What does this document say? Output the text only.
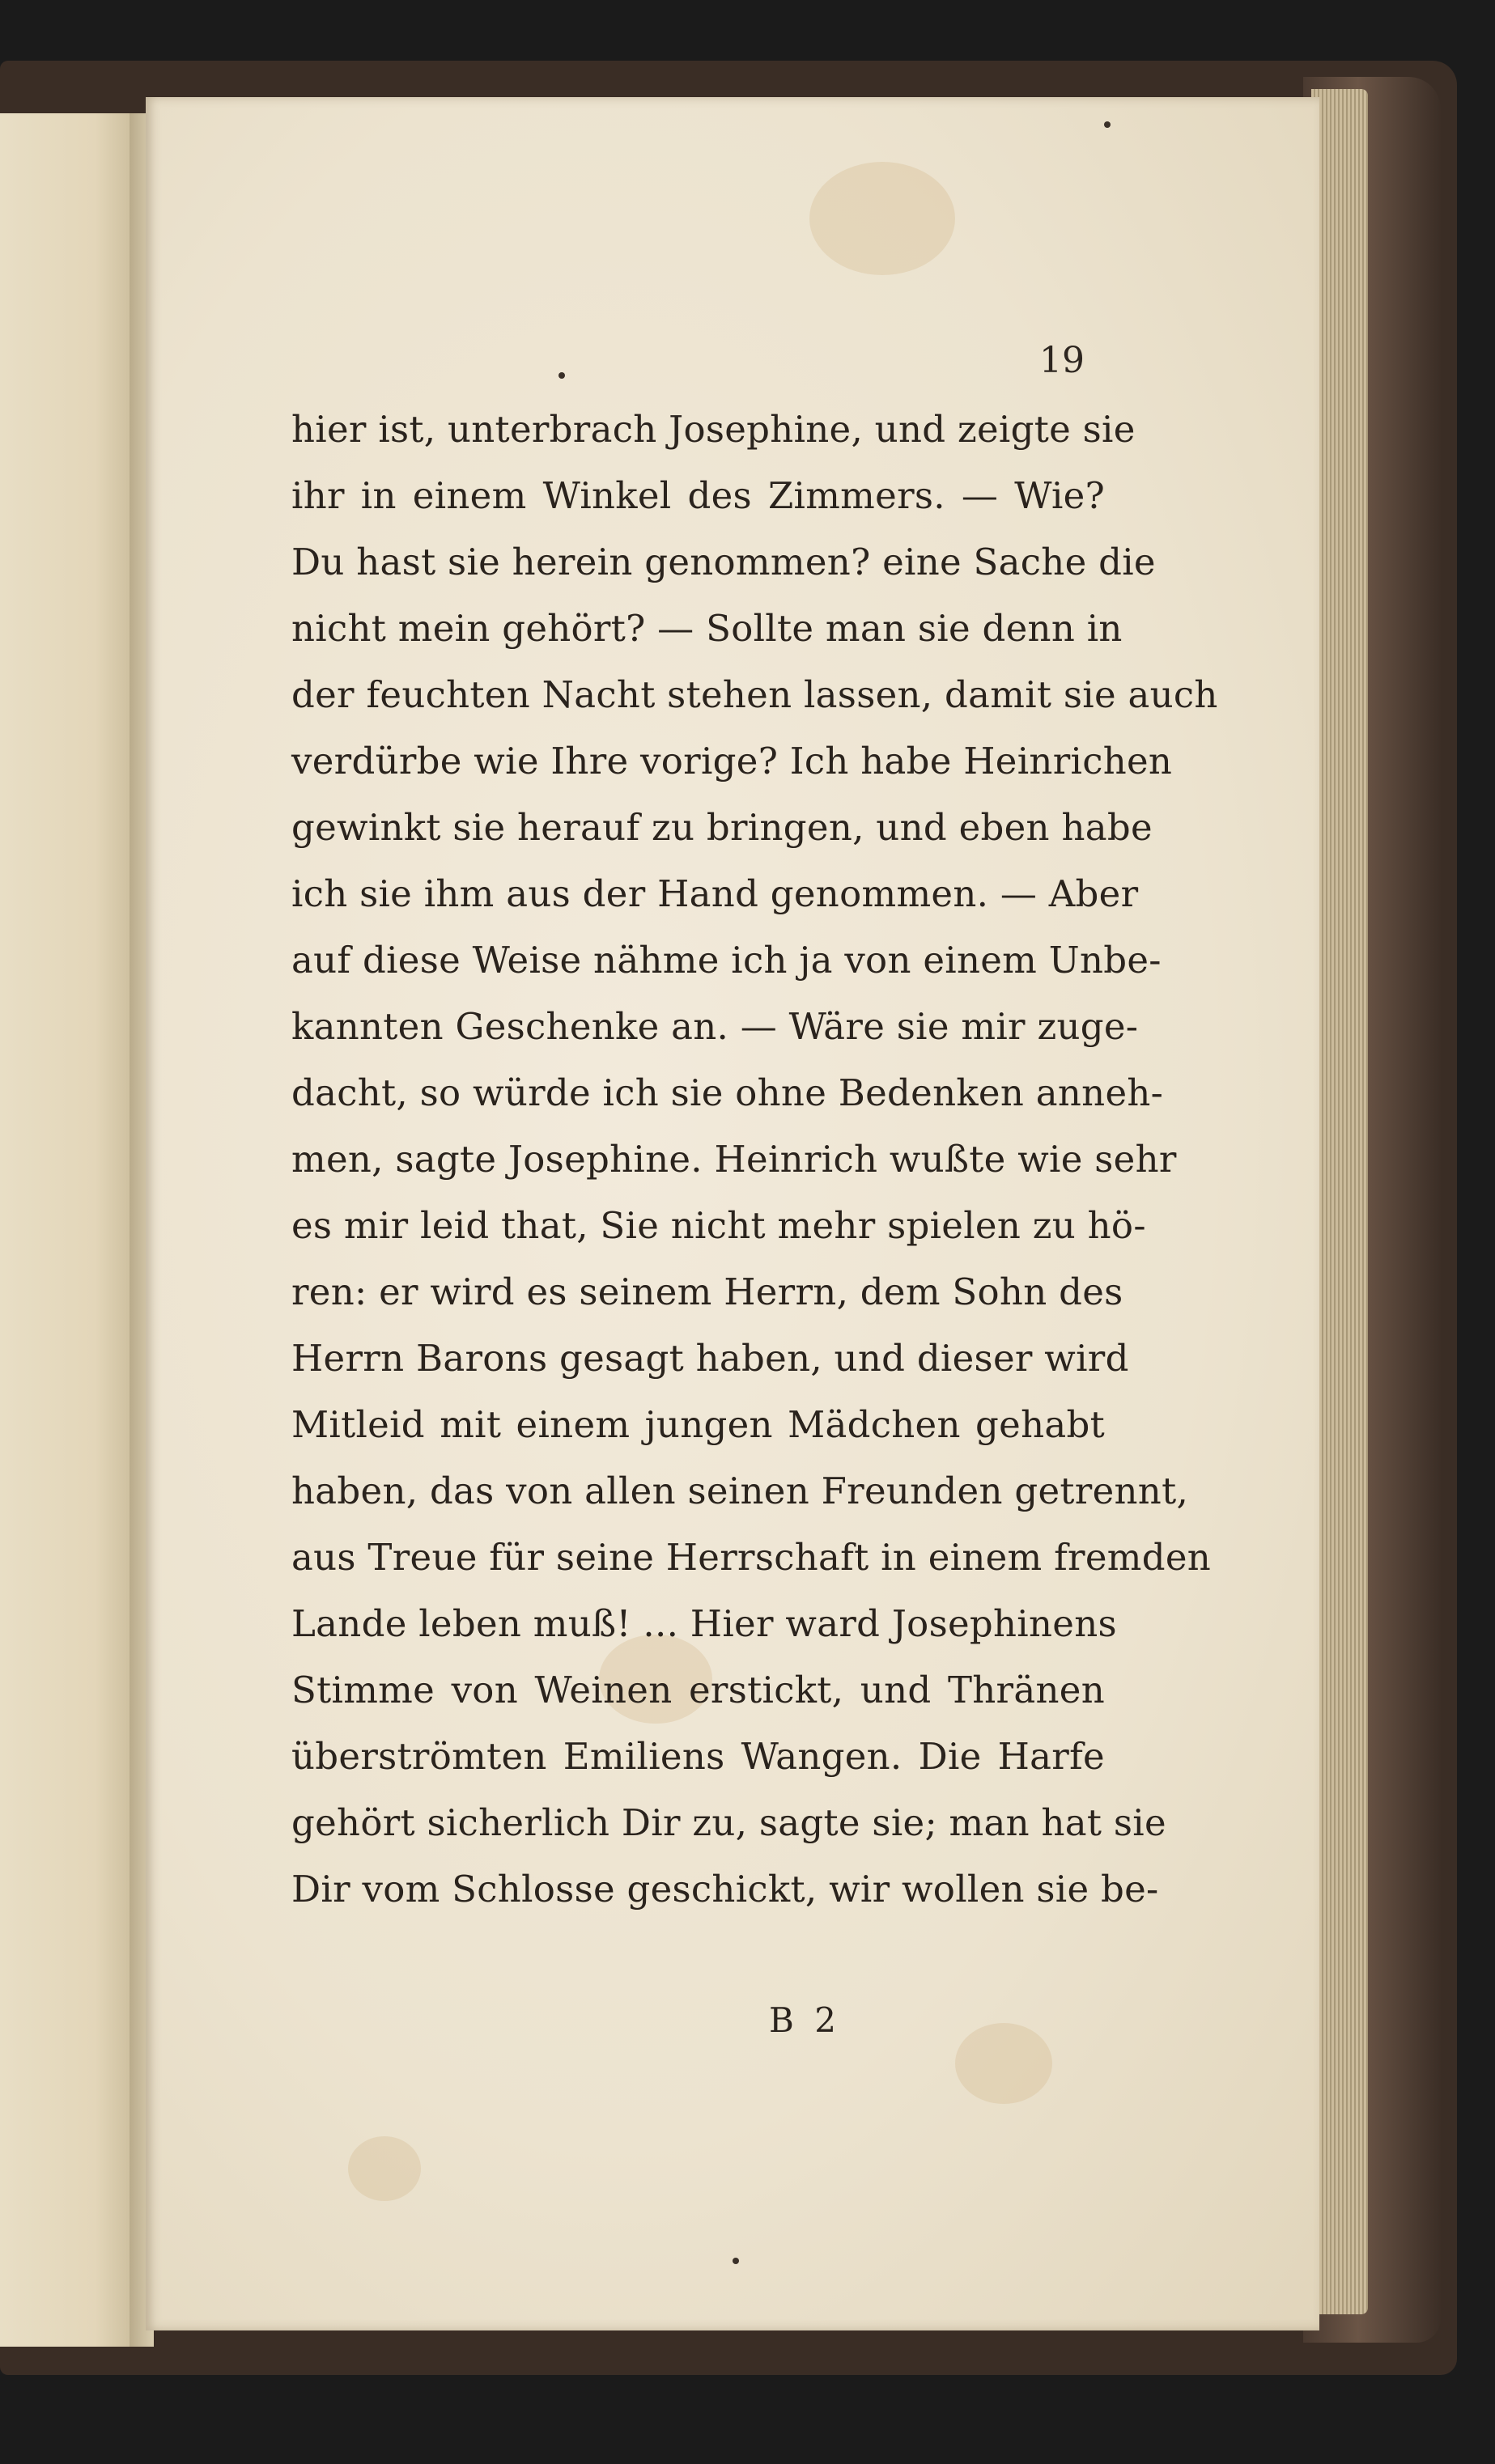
19
hier ist, unterbrach Josephine, und zeigte sie
ihr in einem Winkel des Zimmers. — Wie?
Du hast sie herein genommen? eine Sache die
nicht mein gehört? — Sollte man sie denn in
der feuchten Nacht stehen lassen, damit sie auch
verdürbe wie Ihre vorige? Ich habe Heinrichen
gewinkt sie herauf zu bringen, und eben habe
ich sie ihm aus der Hand genommen. — Aber
auf diese Weise nähme ich ja von einem Unbe-
kannten Geschenke an. — Wäre sie mir zuge-
dacht, so würde ich sie ohne Bedenken anneh-
men, sagte Josephine. Heinrich wußte wie sehr
es mir leid that, Sie nicht mehr spielen zu hö-
ren: er wird es seinem Herrn, dem Sohn des
Herrn Barons gesagt haben, und dieser wird
Mitleid mit einem jungen Mädchen gehabt
haben, das von allen seinen Freunden getrennt,
aus Treue für seine Herrschaft in einem fremden
Lande leben muß! ... Hier ward Josephinens
Stimme von Weinen erstickt, und Thränen
überströmten Emiliens Wangen. Die Harfe
gehört sicherlich Dir zu, sagte sie; man hat sie
Dir vom Schlosse geschickt, wir wollen sie be-
B 2
